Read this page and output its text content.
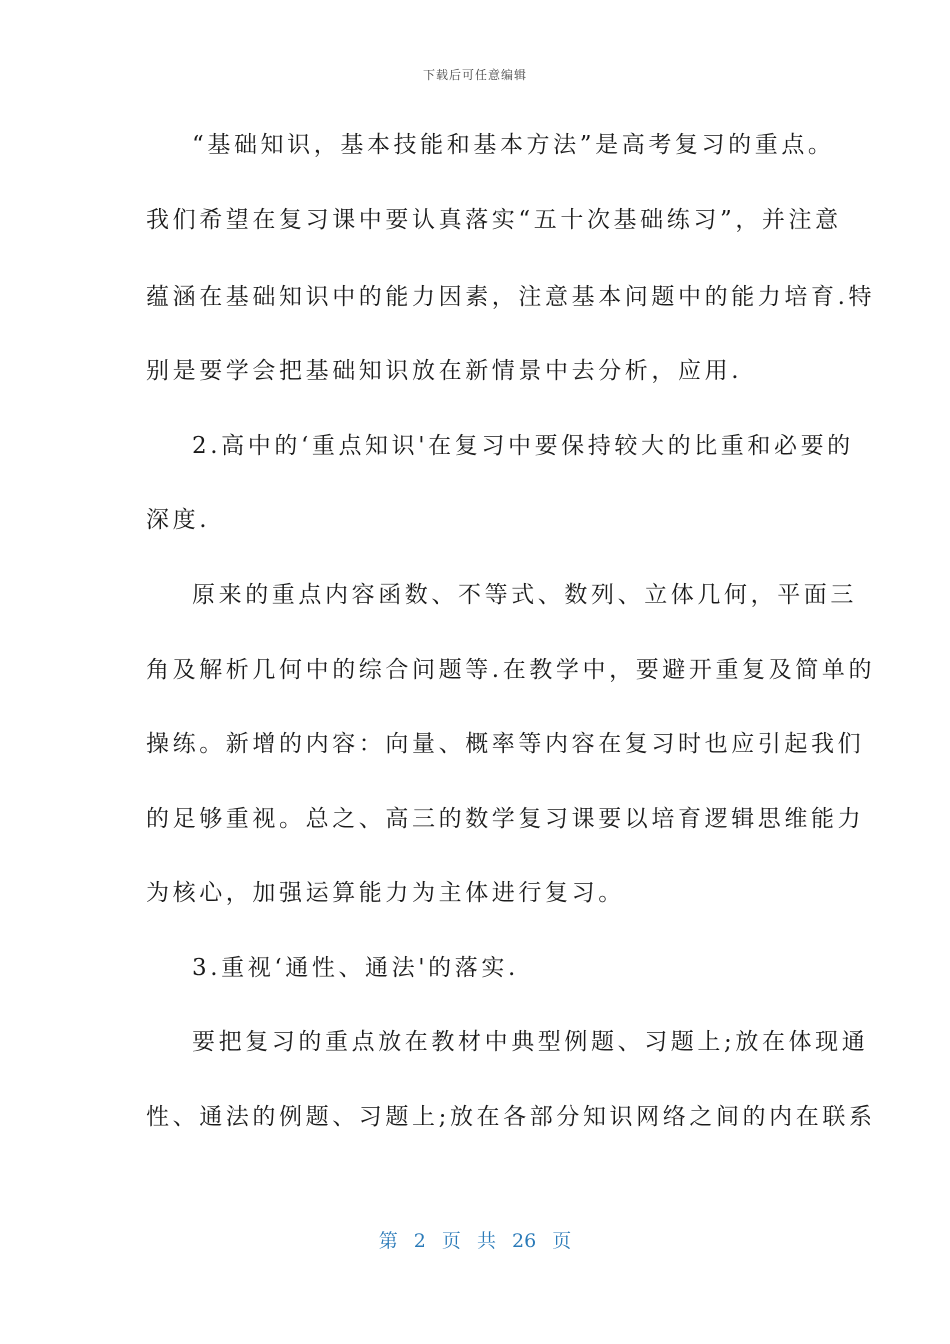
下载后可任意编辑
“基础知识，基本技能和基本方法”是高考复习的重点。
我们希望在复习课中要认真落实“五十次基础练习”，并注意
蕴涵在基础知识中的能力因素，注意基本问题中的能力培育.特
别是要学会把基础知识放在新情景中去分析，应用.
2.高中的‘重点知识'在复习中要保持较大的比重和必要的
深度.
原来的重点内容函数、不等式、数列、立体几何，平面三
角及解析几何中的综合问题等.在教学中，要避开重复及简单的
操练。新增的内容：向量、概率等内容在复习时也应引起我们
的足够重视。总之、高三的数学复习课要以培育逻辑思维能力
为核心，加强运算能力为主体进行复习。
3.重视‘通性、通法'的落实.
要把复习的重点放在教材中典型例题、习题上;放在体现通
性、通法的例题、习题上;放在各部分知识网络之间的内在联系
第 2 页 共 26 页
